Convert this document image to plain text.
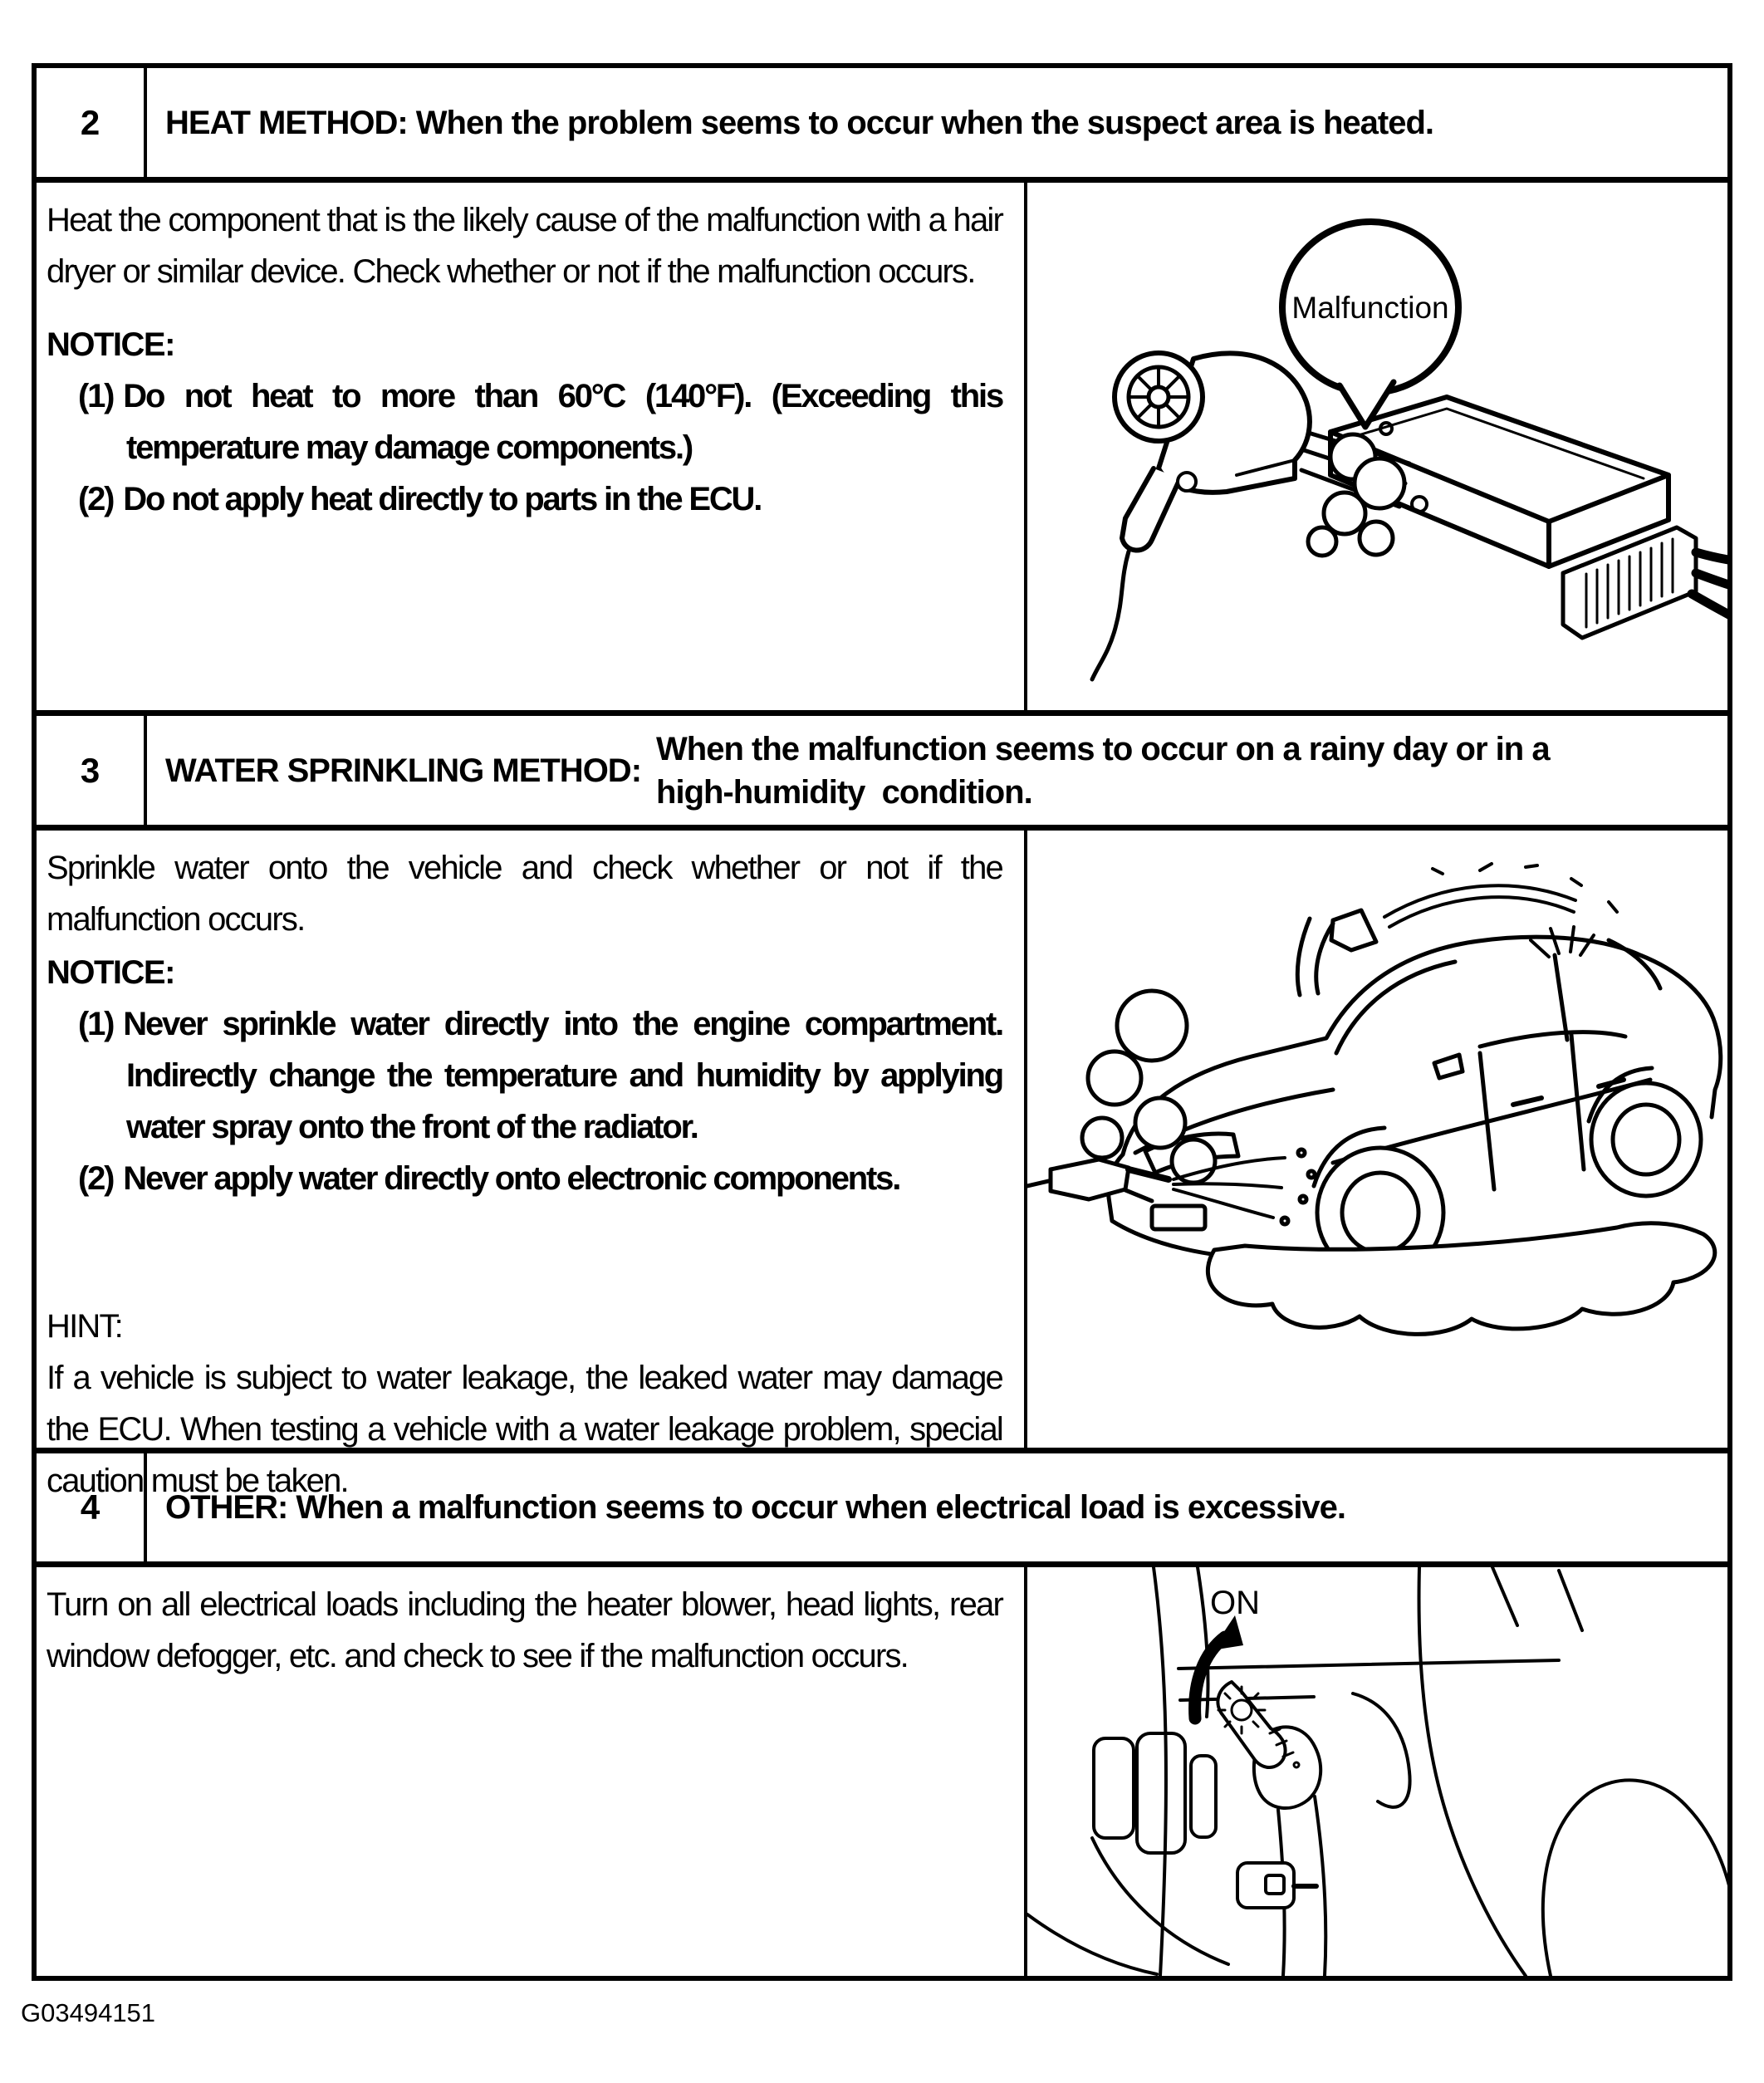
2	HEAT METHOD: When the problem seems to occur when the suspect area is heated.

Heat the component that is the likely cause of the malfunction with a hair dryer or similar device. Check whether or not if the malfunction occurs.

NOTICE:

(1) Do not heat to more than 60°C (140°F). (Exceeding this temperature may damage components.)

(2) Do not apply heat directly to parts in the ECU.

Malfunction
3	WATER SPRINKLING METHOD:
When the malfunction seems to occur on a rainy day or in a
high-humidity  condition.

Sprinkle water onto the vehicle and check whether or not if the malfunction occurs.

NOTICE:

(1) Never sprinkle water directly into the engine compartment. Indirectly change the temperature and humidity by applying water spray onto the front of the radiator.

(2) Never apply water directly onto electronic components.

HINT:

If a vehicle is subject to water leakage, the leaked water may damage the ECU. When testing a vehicle with a water leakage problem, special caution must be taken.

4	OTHER: When a malfunction seems to occur when electrical load is excessive.

Turn on all electrical loads including the heater blower, head lights, rear window defogger, etc. and check to see if the malfunction occurs.

ON
G03494151
